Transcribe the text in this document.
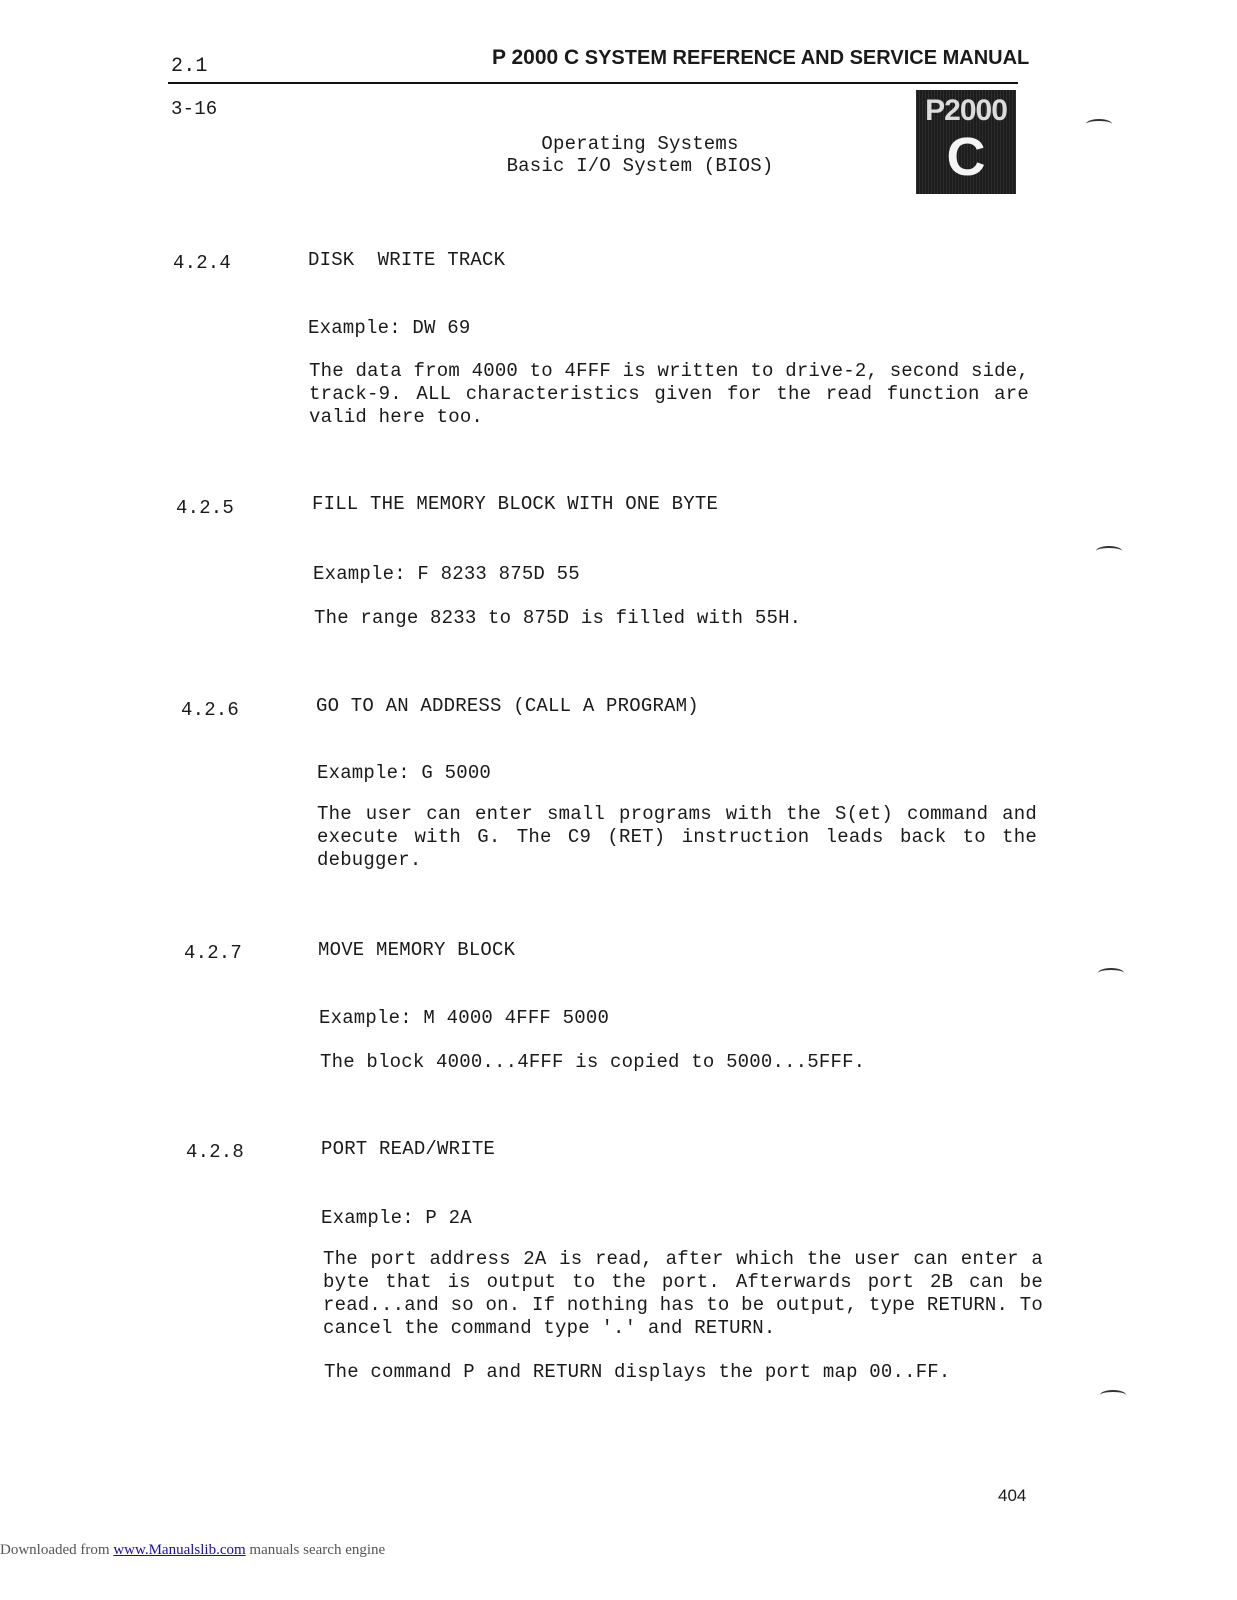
2.1	P 2000 C SYSTEM REFERENCE AND SERVICE MANUAL
3-16
Operating Systems
Basic I/O System (BIOS)
P2000
C
4.2.4	DISK  WRITE TRACK
Example: DW 69
The data from 4000 to 4FFF is written to drive-2, second side, track-9. ALL characteristics given for the read function are valid here too.
4.2.5	FILL THE MEMORY BLOCK WITH ONE BYTE
Example: F 8233 875D 55
The range 8233 to 875D is filled with 55H.
4.2.6	GO TO AN ADDRESS (CALL A PROGRAM)
Example: G 5000
The user can enter small programs with the S(et) command and execute with G. The C9 (RET) instruction leads back to the debugger.
4.2.7	MOVE MEMORY BLOCK
Example: M 4000 4FFF 5000
The block 4000...4FFF is copied to 5000...5FFF.
4.2.8	PORT READ/WRITE
Example: P 2A
The port address 2A is read, after which the user can enter a byte that is output to the port. Afterwards port 2B can be read...and so on. If nothing has to be output, type RETURN. To cancel the command type '.' and RETURN.
The command P and RETURN displays the port map 00..FF.
404
Downloaded from www.Manualslib.com manuals search engine
